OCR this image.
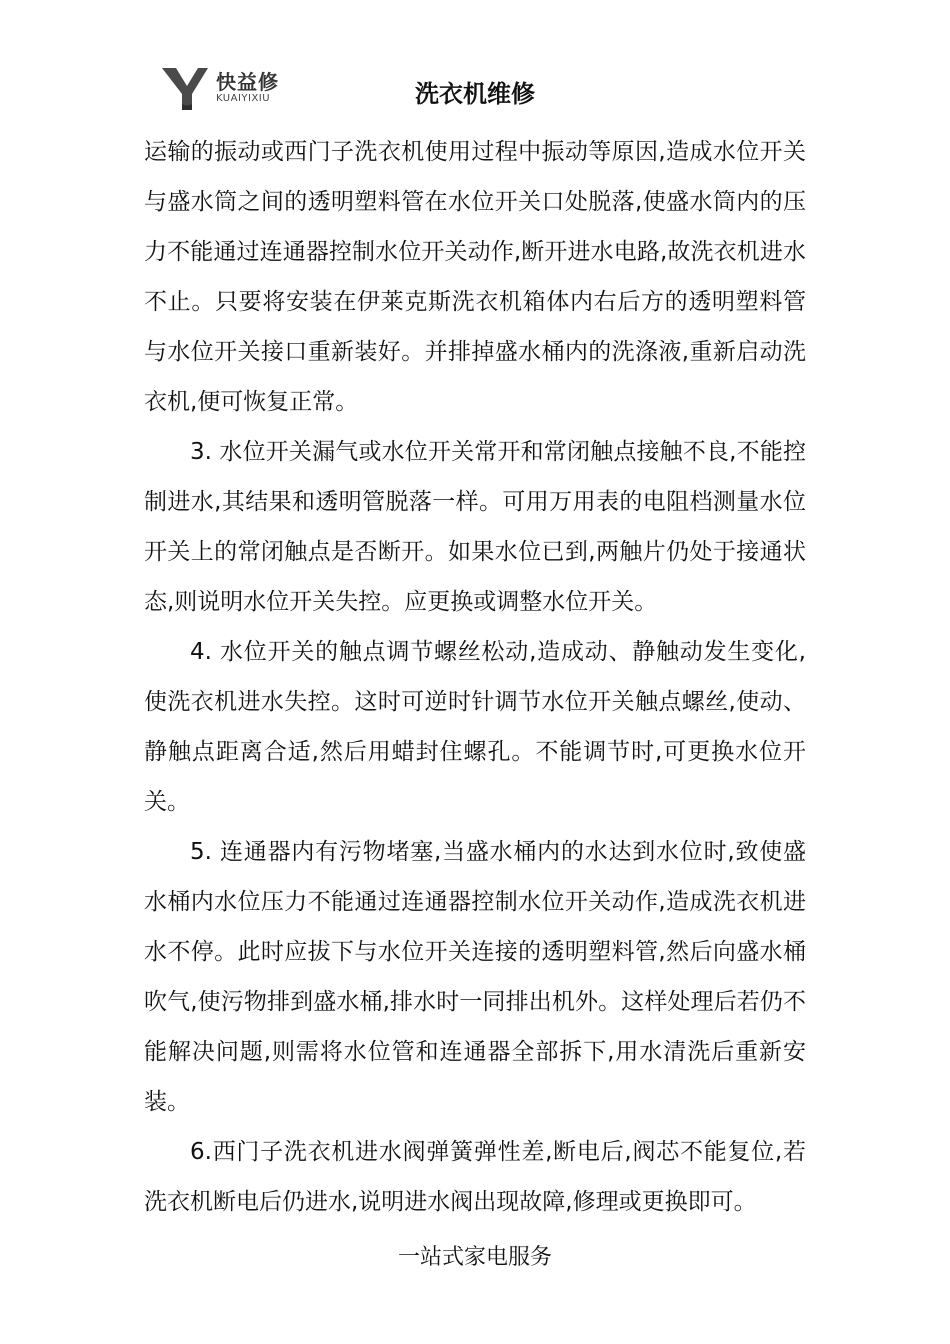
快益修
KUAIYIXIU	洗衣机维修

运输的振动或西门子洗衣机使用过程中振动等原因,造成水位开关与盛水筒之间的透明塑料管在水位开关口处脱落,使盛水筒内的压力不能通过连通器控制水位开关动作,断开进水电路,故洗衣机进水不止。只要将安装在伊莱克斯洗衣机箱体内右后方的透明塑料管与水位开关接口重新装好。并排掉盛水桶内的洗涤液,重新启动洗衣机,便可恢复正常。

3. 水位开关漏气或水位开关常开和常闭触点接触不良,不能控制进水,其结果和透明管脱落一样。可用万用表的电阻档测量水位开关上的常闭触点是否断开。如果水位已到,两触片仍处于接通状态,则说明水位开关失控。应更换或调整水位开关。

4. 水位开关的触点调节螺丝松动,造成动、静触动发生变化,使洗衣机进水失控。这时可逆时针调节水位开关触点螺丝,使动、静触点距离合适,然后用蜡封住螺孔。不能调节时,可更换水位开关。

5. 连通器内有污物堵塞,当盛水桶内的水达到水位时,致使盛水桶内水位压力不能通过连通器控制水位开关动作,造成洗衣机进水不停。此时应拔下与水位开关连接的透明塑料管,然后向盛水桶吹气,使污物排到盛水桶,排水时一同排出机外。这样处理后若仍不能解决问题,则需将水位管和连通器全部拆下,用水清洗后重新安装。

6.西门子洗衣机进水阀弹簧弹性差,断电后,阀芯不能复位,若洗衣机断电后仍进水,说明进水阀出现故障,修理或更换即可。

一站式家电服务
